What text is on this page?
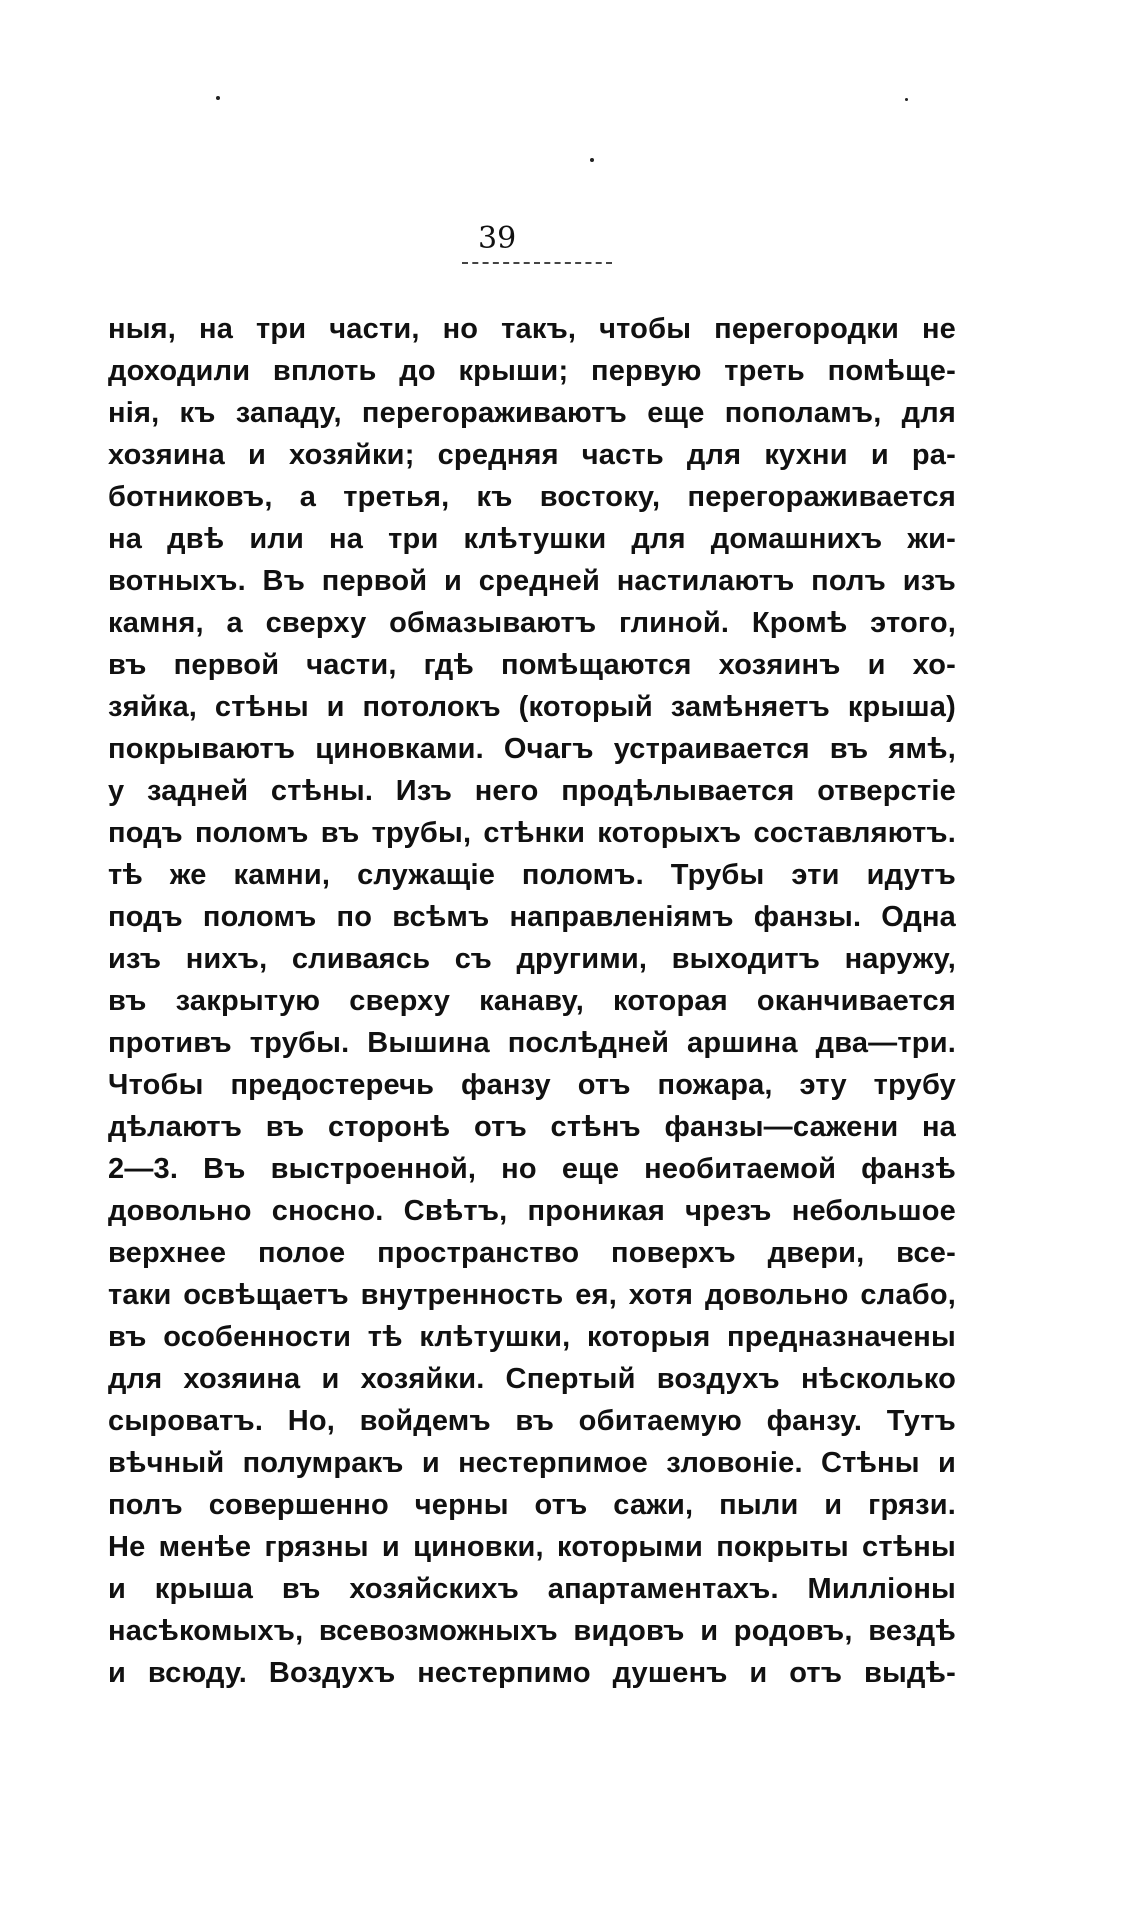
39
ныя, на три части, но такъ, чтобы перегородки не
доходили вплоть до крыши; первую треть помѣще-
нія, къ западу, перегораживаютъ еще пополамъ, для
хозяина и хозяйки; средняя часть для кухни и ра-
ботниковъ, а третья, къ востоку, перегораживается
на двѣ или на три клѣтушки для домашнихъ жи-
вотныхъ. Въ первой и средней настилаютъ полъ изъ
камня, а сверху обмазываютъ глиной. Кромѣ этого,
въ первой части, гдѣ помѣщаются хозяинъ и хо-
зяйка, стѣны и потолокъ (который замѣняетъ крыша)
покрываютъ циновками. Очагъ устраивается въ ямѣ,
у задней стѣны. Изъ него продѣлывается отверстіе
подъ поломъ въ трубы, стѣнки которыхъ составляютъ.
тѣ же камни, служащіе поломъ. Трубы эти идутъ
подъ поломъ по всѣмъ направленіямъ фанзы. Одна
изъ нихъ, сливаясь съ другими, выходитъ наружу,
въ закрытую сверху канаву, которая оканчивается
противъ трубы. Вышина послѣдней аршина два—три.
Чтобы предостеречь фанзу отъ пожара, эту трубу
дѣлаютъ въ сторонѣ отъ стѣнъ фанзы—сажени на
2—3. Въ выстроенной, но еще необитаемой фанзѣ
довольно сносно. Свѣтъ, проникая чрезъ небольшое
верхнее полое пространство поверхъ двери, все-
таки освѣщаетъ внутренность ея, хотя довольно слабо,
въ особенности тѣ клѣтушки, которыя предназначены
для хозяина и хозяйки. Спертый воздухъ нѣсколько
сыроватъ. Но, войдемъ въ обитаемую фанзу. Тутъ
вѣчный полумракъ и нестерпимое зловоніе. Стѣны и
полъ совершенно черны отъ сажи, пыли и грязи.
Не менѣе грязны и циновки, которыми покрыты стѣны
и крыша въ хозяйскихъ апартаментахъ. Милліоны
насѣкомыхъ, всевозможныхъ видовъ и родовъ, вездѣ
и всюду. Воздухъ нестерпимо душенъ и отъ выдѣ-
